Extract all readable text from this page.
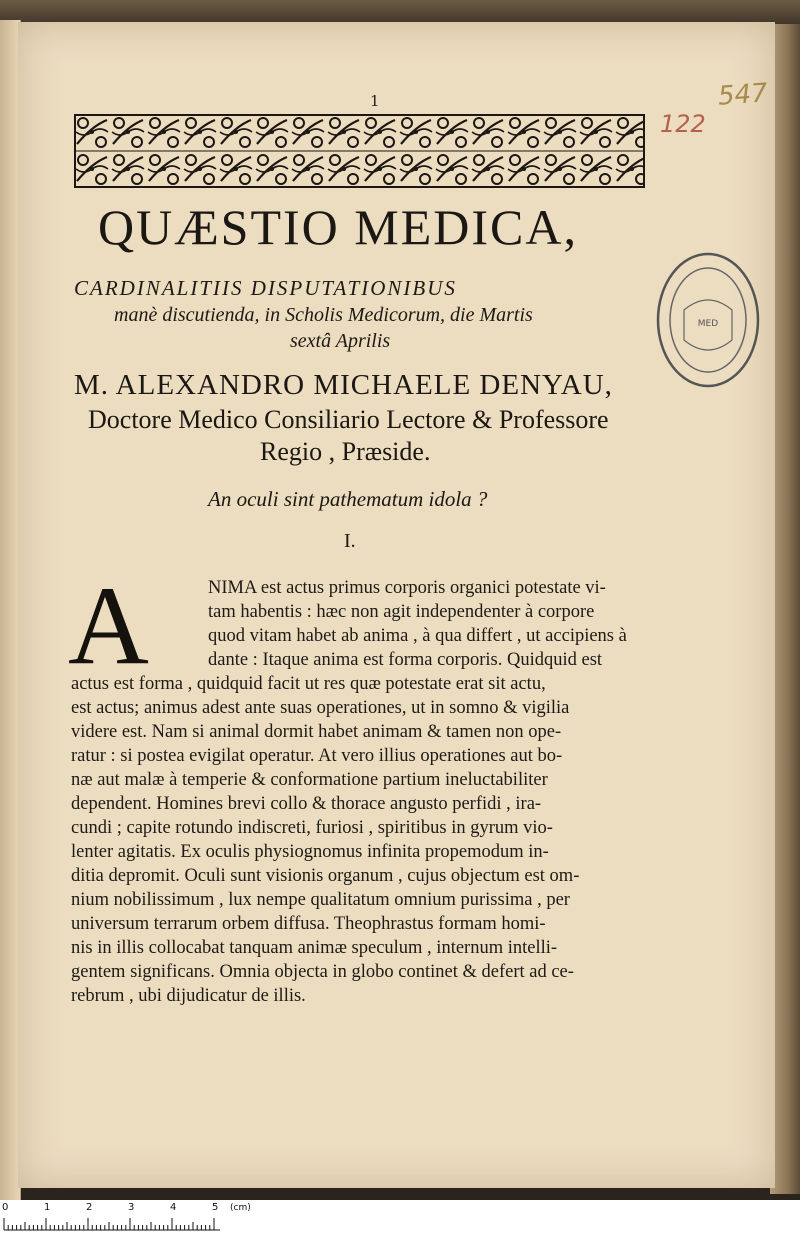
1	547
122
MED
QUÆSTIO MEDICA,
CARDINALITIIS DISPUTATIONIBUS
manè discutienda, in Scholis Medicorum, die Martis
sextâ Aprilis
M. ALEXANDRO MICHAELE DENYAU,
Doctore Medico Consiliario Lectore & Professore
Regio , Præside.
An oculi sint pathematum idola ?
I.
A	NIMA est actus primus corporis organici potestate vi-
tam habentis : hæc non agit independenter à corpore
quod vitam habet ab anima , à qua differt , ut accipiens à
dante : Itaque anima est forma corporis. Quidquid est
actus est forma , quidquid facit ut res quæ potestate erat sit actu,
est actus; animus adest ante suas operationes, ut in somno & vigilia
videre est. Nam si animal dormit habet animam & tamen non ope-
ratur : si postea evigilat operatur. At vero illius operationes aut bo-
næ aut malæ à temperie & conformatione partium ineluctabiliter
dependent. Homines brevi collo & thorace angusto perfidi , ira-
cundi ; capite rotundo indiscreti, furiosi , spiritibus in gyrum vio-
lenter agitatis. Ex oculis physiognomus infinita propemodum in-
ditia depromit. Oculi sunt visionis organum , cujus objectum est om-
nium nobilissimum , lux nempe qualitatum omnium purissima , per
universum terrarum orbem diffusa. Theophrastus formam homi-
nis in illis collocabat tanquam animæ speculum , internum intelli-
gentem significans. Omnia objecta in globo continet & defert ad ce-
rebrum , ubi dijudicatur de illis.
0	1	2	3	4	5 (cm)
